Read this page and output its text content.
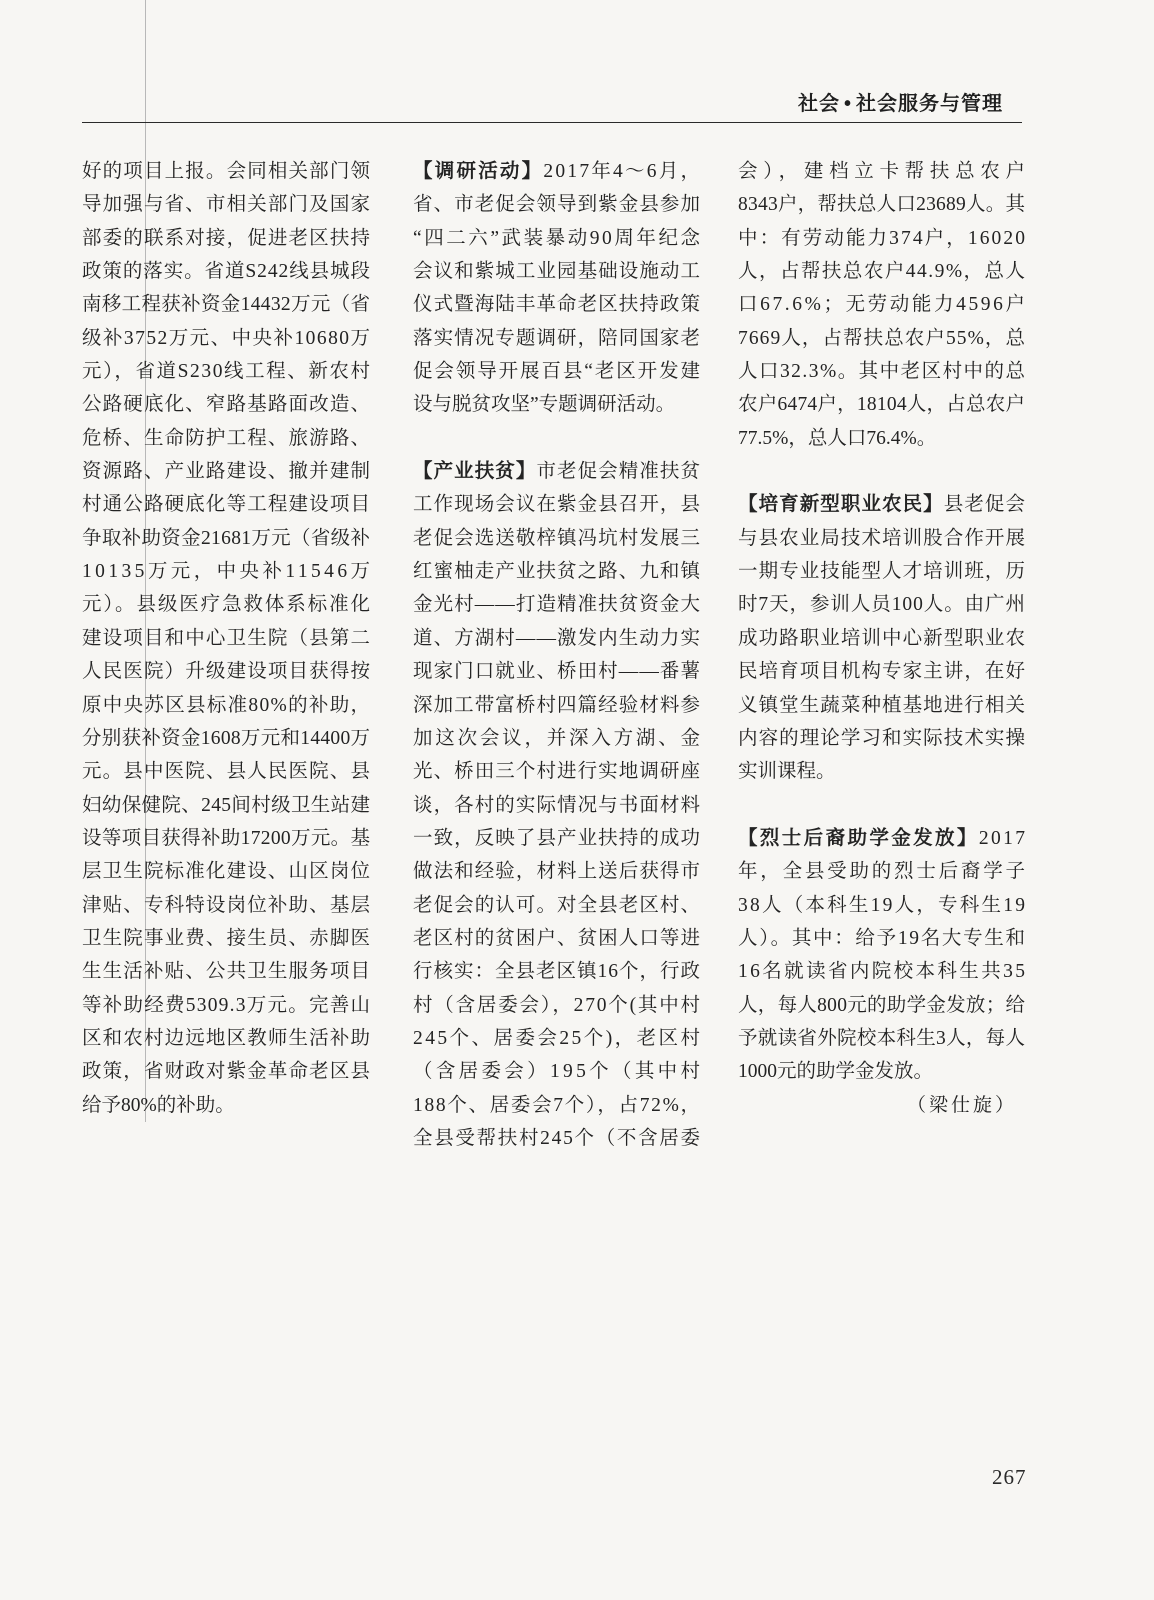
社会 • 社会服务与管理
好的项目上报。会同相关部门领
导加强与省、市相关部门及国家
部委的联系对接，促进老区扶持
政策的落实。省道S242线县城段
南移工程获补资金14432万元（省
级补3752万元、中央补10680万
元），省道S230线工程、新农村
公路硬底化、窄路基路面改造、
危桥、生命防护工程、旅游路、
资源路、产业路建设、撤并建制
村通公路硬底化等工程建设项目
争取补助资金21681万元（省级补
10135万元，中央补11546万
元）。县级医疗急救体系标准化
建设项目和中心卫生院（县第二
人民医院）升级建设项目获得按
原中央苏区县标准80%的补助，
分别获补资金1608万元和14400万
元。县中医院、县人民医院、县
妇幼保健院、245间村级卫生站建
设等项目获得补助17200万元。基
层卫生院标准化建设、山区岗位
津贴、专科特设岗位补助、基层
卫生院事业费、接生员、赤脚医
生生活补贴、公共卫生服务项目
等补助经费5309.3万元。完善山
区和农村边远地区教师生活补助
政策，省财政对紫金革命老区县
给予80%的补助。
【调研活动】2017年4～6月，
省、市老促会领导到紫金县参加
“四二六”武装暴动90周年纪念
会议和紫城工业园基础设施动工
仪式暨海陆丰革命老区扶持政策
落实情况专题调研，陪同国家老
促会领导开展百县“老区开发建
设与脱贫攻坚”专题调研活动。
【产业扶贫】市老促会精准扶贫
工作现场会议在紫金县召开，县
老促会选送敬梓镇冯坑村发展三
红蜜柚走产业扶贫之路、九和镇
金光村——打造精准扶贫资金大
道、方湖村——激发内生动力实
现家门口就业、桥田村——番薯
深加工带富桥村四篇经验材料参
加这次会议，并深入方湖、金
光、桥田三个村进行实地调研座
谈，各村的实际情况与书面材料
一致，反映了县产业扶持的成功
做法和经验，材料上送后获得市
老促会的认可。对全县老区村、
老区村的贫困户、贫困人口等进
行核实：全县老区镇16个，行政
村（含居委会），270个(其中村
245个、居委会25个)，老区村
（含居委会）195个（其中村
188个、居委会7个），占72%，
全县受帮扶村245个（不含居委
会），建档立卡帮扶总农户
8343户，帮扶总人口23689人。其
中：有劳动能力374户，16020
人，占帮扶总农户44.9%，总人
口67.6%；无劳动能力4596户
7669人，占帮扶总农户55%，总
人口32.3%。其中老区村中的总
农户6474户，18104人，占总农户
77.5%，总人口76.4%。
【培育新型职业农民】县老促会
与县农业局技术培训股合作开展
一期专业技能型人才培训班，历
时7天，参训人员100人。由广州
成功路职业培训中心新型职业农
民培育项目机构专家主讲，在好
义镇堂生蔬菜种植基地进行相关
内容的理论学习和实际技术实操
实训课程。
【烈士后裔助学金发放】2017
年，全县受助的烈士后裔学子
38人（本科生19人，专科生19
人）。其中：给予19名大专生和
16名就读省内院校本科生共35
人，每人800元的助学金发放；给
予就读省外院校本科生3人，每人
1000元的助学金发放。
（梁仕旋）
267
